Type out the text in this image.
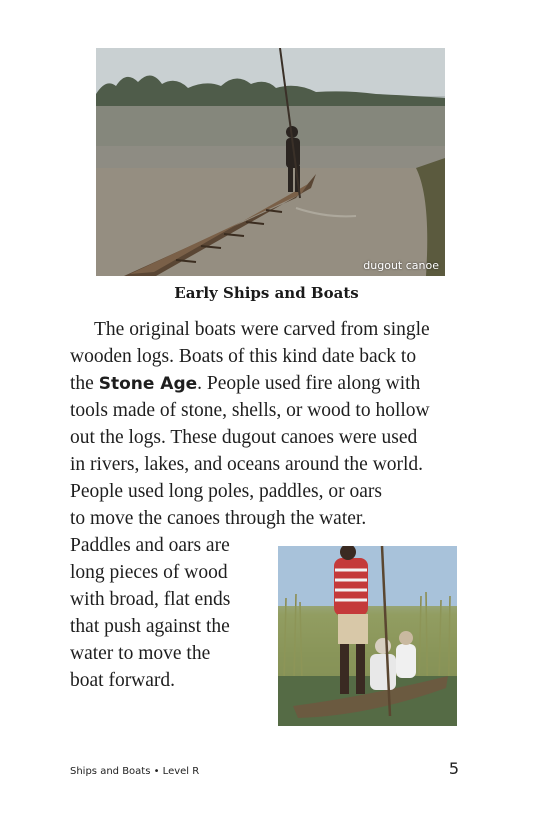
dugout canoe
Early Ships and Boats
The original boats were carved from single
wooden logs. Boats of this kind date back to
the Stone Age. People used fire along with
tools made of stone, shells, or wood to hollow
out the logs. These dugout canoes were used
in rivers, lakes, and oceans around the world.
People used long poles, paddles, or oars
to move the canoes through the water.
Paddles and oars are
long pieces of wood
with broad, flat ends
that push against the
water to move the
boat forward.
Ships and Boats • Level R	5
